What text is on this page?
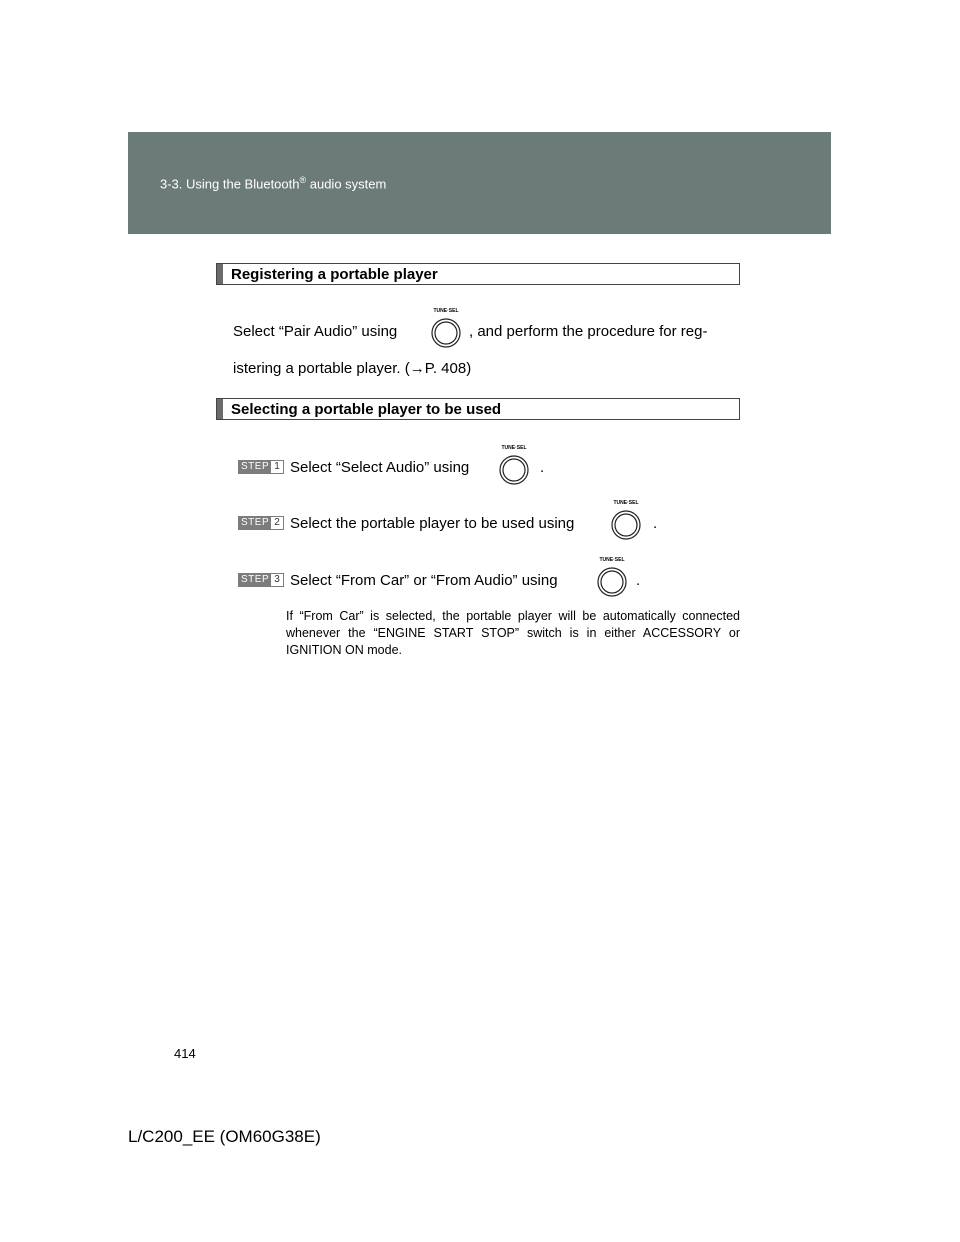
3-3. Using the Bluetooth® audio system
Registering a portable player
Select “Pair Audio” using
TUNE·SEL
, and perform the procedure for reg-
istering a portable player. (→P. 408)
Selecting a portable player to be used
STEP 1 Select “Select Audio” using
TUNE·SEL
.
STEP 2 Select the portable player to be used using
TUNE·SEL
.
STEP 3 Select “From Car” or “From Audio” using
TUNE·SEL
.
If “From Car” is selected, the portable player will be automatically connected whenever the “ENGINE START STOP” switch is in either ACCESSORY or IGNITION ON mode.
414
L/C200_EE (OM60G38E)
